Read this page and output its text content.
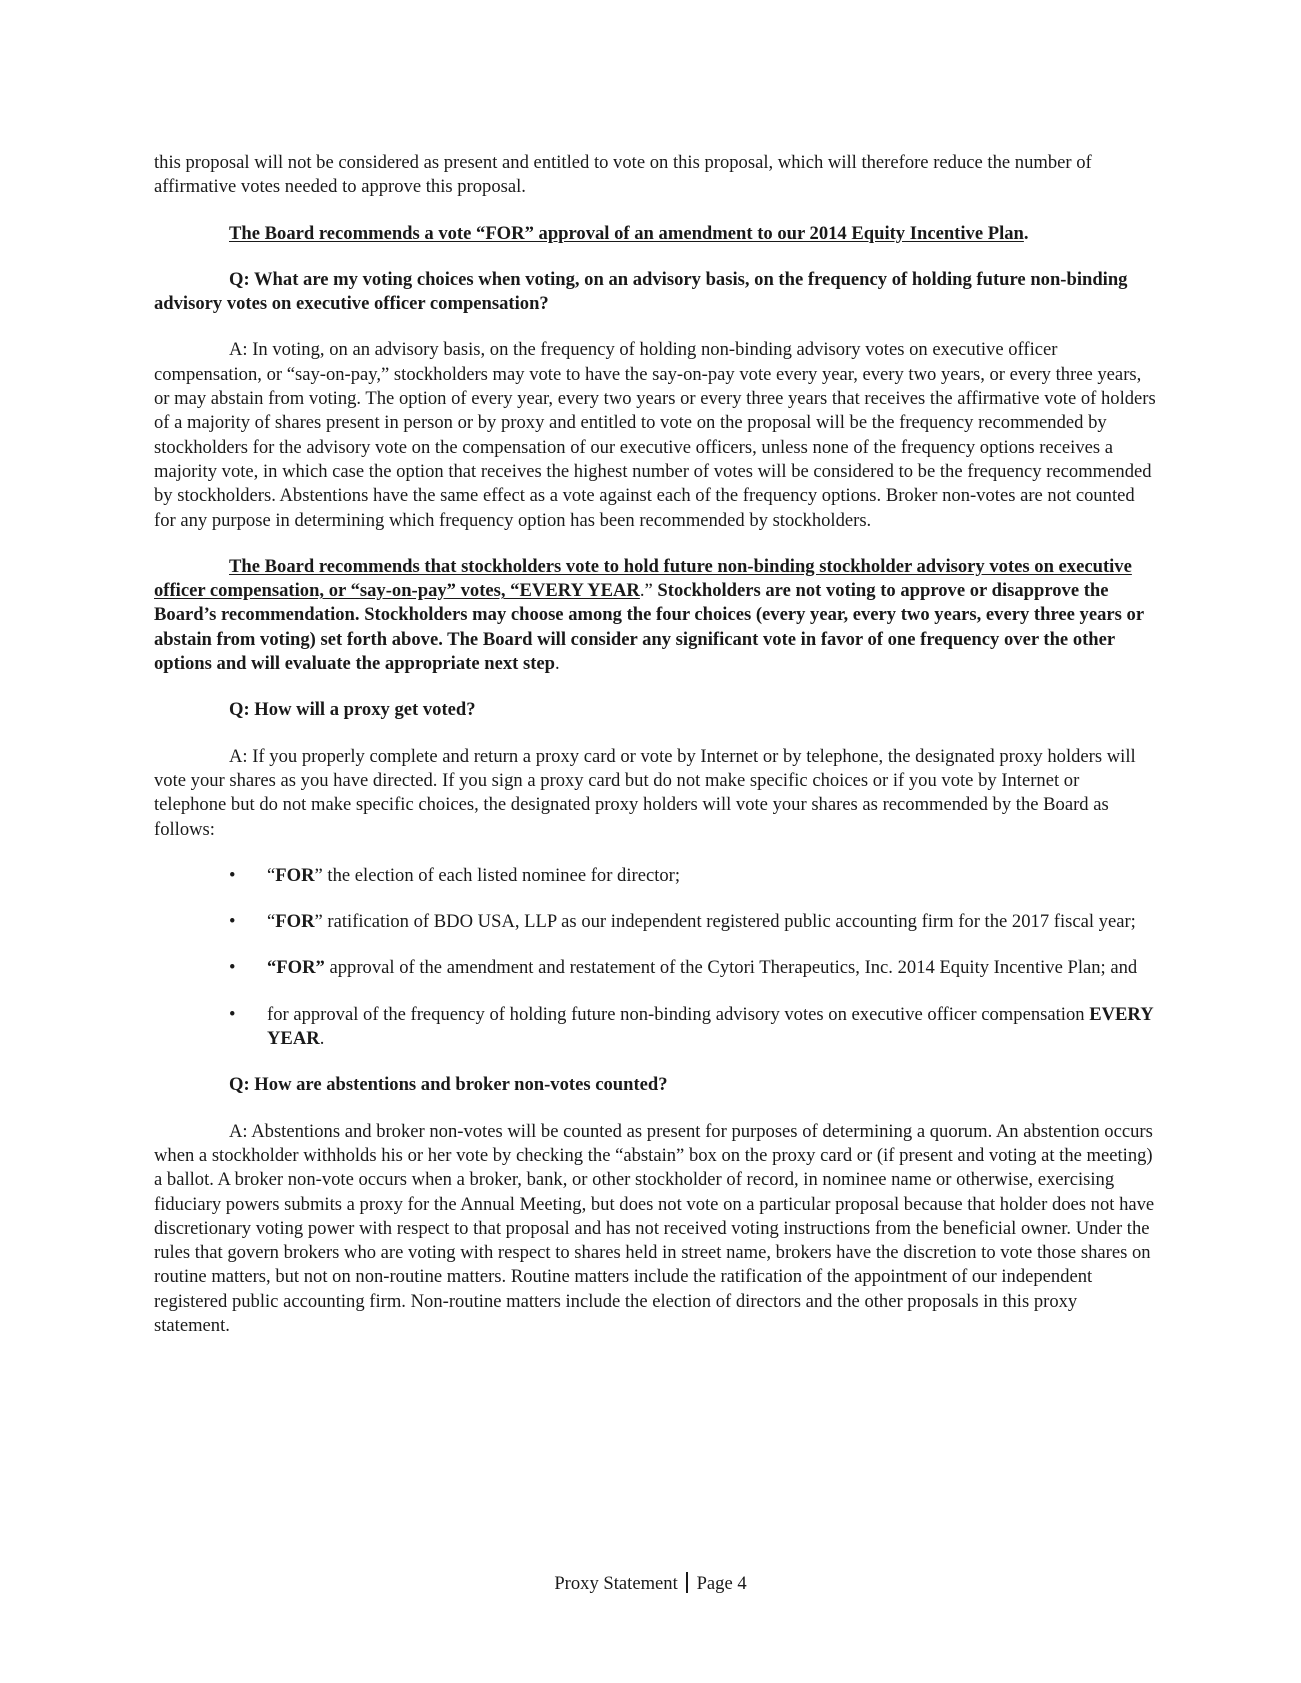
this proposal will not be considered as present and entitled to vote on this proposal, which will therefore reduce the number of affirmative votes needed to approve this proposal.

The Board recommends a vote “FOR” approval of an amendment to our 2014 Equity Incentive Plan.

Q: What are my voting choices when voting, on an advisory basis, on the frequency of holding future non-binding advisory votes on executive officer compensation?

A: In voting, on an advisory basis, on the frequency of holding non-binding advisory votes on executive officer compensation, or “say-on-pay,” stockholders may vote to have the say-on-pay vote every year, every two years, or every three years, or may abstain from voting. The option of every year, every two years or every three years that receives the affirmative vote of holders of a majority of shares present in person or by proxy and entitled to vote on the proposal will be the frequency recommended by stockholders for the advisory vote on the compensation of our executive officers, unless none of the frequency options receives a majority vote, in which case the option that receives the highest number of votes will be considered to be the frequency recommended by stockholders. Abstentions have the same effect as a vote against each of the frequency options. Broker non-votes are not counted for any purpose in determining which frequency option has been recommended by stockholders.

The Board recommends that stockholders vote to hold future non-binding stockholder advisory votes on executive officer compensation, or “say-on-pay” votes, “EVERY YEAR.” Stockholders are not voting to approve or disapprove the Board’s recommendation. Stockholders may choose among the four choices (every year, every two years, every three years or abstain from voting) set forth above. The Board will consider any significant vote in favor of one frequency over the other options and will evaluate the appropriate next step.

Q: How will a proxy get voted?

A: If you properly complete and return a proxy card or vote by Internet or by telephone, the designated proxy holders will vote your shares as you have directed. If you sign a proxy card but do not make specific choices or if you vote by Internet or telephone but do not make specific choices, the designated proxy holders will vote your shares as recommended by the Board as follows:

• “FOR” the election of each listed nominee for director;
• “FOR” ratification of BDO USA, LLP as our independent registered public accounting firm for the 2017 fiscal year;
• “FOR” approval of the amendment and restatement of the Cytori Therapeutics, Inc. 2014 Equity Incentive Plan; and
• for approval of the frequency of holding future non-binding advisory votes on executive officer compensation EVERY YEAR.

Q: How are abstentions and broker non-votes counted?

A: Abstentions and broker non-votes will be counted as present for purposes of determining a quorum. An abstention occurs when a stockholder withholds his or her vote by checking the “abstain” box on the proxy card or (if present and voting at the meeting) a ballot. A broker non-vote occurs when a broker, bank, or other stockholder of record, in nominee name or otherwise, exercising fiduciary powers submits a proxy for the Annual Meeting, but does not vote on a particular proposal because that holder does not have discretionary voting power with respect to that proposal and has not received voting instructions from the beneficial owner. Under the rules that govern brokers who are voting with respect to shares held in street name, brokers have the discretion to vote those shares on routine matters, but not on non-routine matters. Routine matters include the ratification of the appointment of our independent registered public accounting firm. Non-routine matters include the election of directors and the other proposals in this proxy statement.

Proxy Statement Page 4
